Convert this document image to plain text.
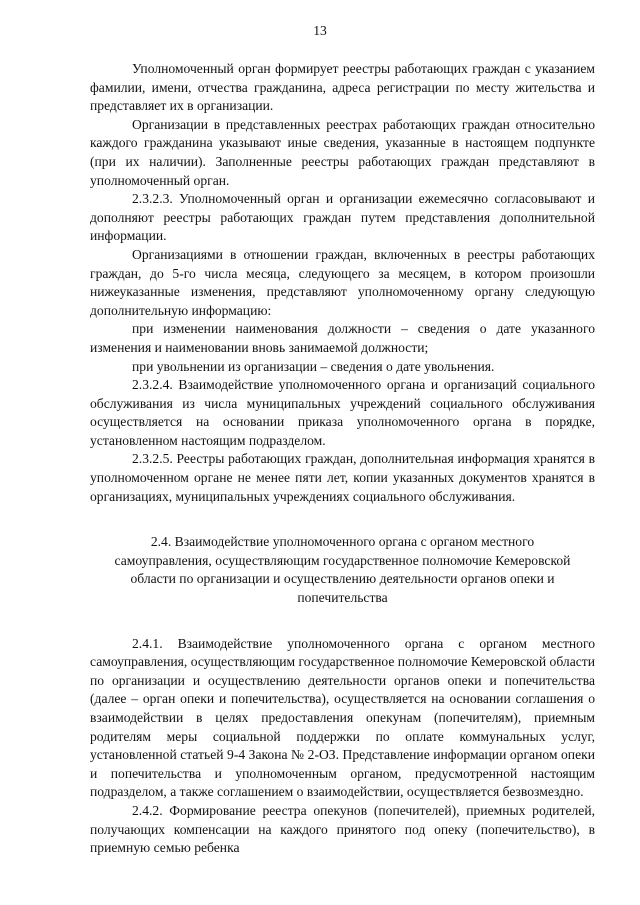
13

Уполномоченный орган формирует реестры работающих граждан с указанием фамилии, имени, отчества гражданина, адреса регистрации по месту жительства и представляет их в организации.

Организации в представленных реестрах работающих граждан относительно каждого гражданина указывают иные сведения, указанные в настоящем подпункте (при их наличии). Заполненные реестры работающих граждан представляют в уполномоченный орган.

2.3.2.3. Уполномоченный орган и организации ежемесячно согласовывают и дополняют реестры работающих граждан путем представления дополнительной информации.

Организациями в отношении граждан, включенных в реестры работающих граждан, до 5-го числа месяца, следующего за месяцем, в котором произошли нижеуказанные изменения, представляют уполномоченному органу следующую дополнительную информацию:

при изменении наименования должности – сведения о дате указанного изменения и наименовании вновь занимаемой должности;

при увольнении из организации – сведения о дате увольнения.

2.3.2.4. Взаимодействие уполномоченного органа и организаций социального обслуживания из числа муниципальных учреждений социального обслуживания осуществляется на основании приказа уполномоченного органа в порядке, установленном настоящим подразделом.

2.3.2.5. Реестры работающих граждан, дополнительная информация хранятся в уполномоченном органе не менее пяти лет, копии указанных документов хранятся в организациях, муниципальных учреждениях социального обслуживания.

2.4. Взаимодействие уполномоченного органа с органом местного самоуправления, осуществляющим государственное полномочие Кемеровской области по организации и осуществлению деятельности органов опеки и попечительства

2.4.1. Взаимодействие уполномоченного органа с органом местного самоуправления, осуществляющим государственное полномочие Кемеровской области по организации и осуществлению деятельности органов опеки и попечительства (далее – орган опеки и попечительства), осуществляется на основании соглашения о взаимодействии в целях предоставления опекунам (попечителям), приемным родителям меры социальной поддержки по оплате коммунальных услуг, установленной статьей 9-4 Закона № 2-ОЗ. Представление информации органом опеки и попечительства и уполномоченным органом, предусмотренной настоящим подразделом, а также соглашением о взаимодействии, осуществляется безвозмездно.

2.4.2. Формирование реестра опекунов (попечителей), приемных родителей, получающих компенсации на каждого принятого под опеку (попечительство), в приемную семью ребенка
